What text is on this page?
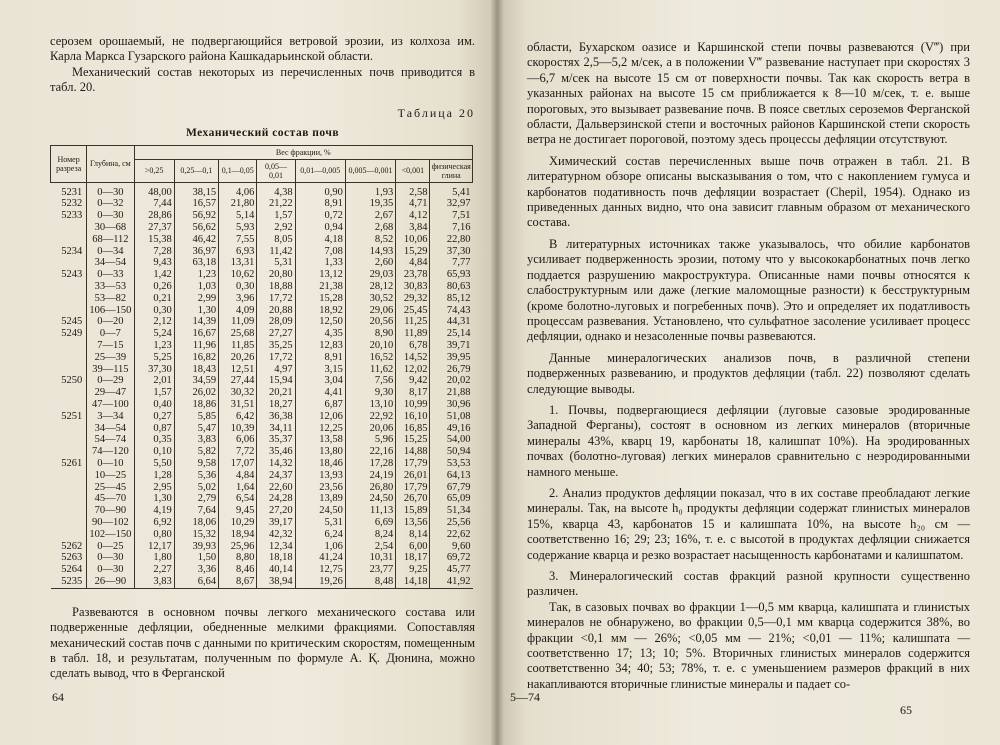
серозем орошаемый, не подвергающийся ветровой эрозии, из колхоза им. Карла Маркса Гузарского района Кашкадарьинской области.

Механический состав некоторых из перечисленных почв приводится в табл. 20.

Таблица 20
Механический состав почв
Номер разреза	Глубина, см	Вес фракции, %							
		>0,25	0,25—0,1	0,1—0,05	0,05—0,01	0,01—0,005	0,005—0,001	<0,001	физическая глина
5231	0—30	48,00	38,15	4,06	4,38	0,90	1,93	2,58	5,41
5232	0—32	7,44	16,57	21,80	21,22	8,91	19,35	4,71	32,97
5233	0—30	28,86	56,92	5,14	1,57	0,72	2,67	4,12	7,51
	30—68	27,37	56,62	5,93	2,92	0,94	2,68	3,84	7,16
	68—112	15,38	46,42	7,55	8,05	4,18	8,52	10,06	22,80
5234	0—34	7,28	36,97	6,93	11,42	7,08	14,93	15,29	37,30
	34—54	9,43	63,18	13,31	5,31	1,33	2,60	4,84	7,77
5243	0—33	1,42	1,23	10,62	20,80	13,12	29,03	23,78	65,93
	33—53	0,26	1,03	0,30	18,88	21,38	28,12	30,83	80,63
	53—82	0,21	2,99	3,96	17,72	15,28	30,52	29,32	85,12
	106—150	0,30	1,30	4,09	20,88	18,92	29,06	25,45	74,43
5245	0—20	2,12	14,39	11,09	28,09	12,50	20,56	11,25	44,31
5249	0—7	5,24	16,67	25,68	27,27	4,35	8,90	11,89	25,14
	7—15	1,23	11,96	11,85	35,25	12,83	20,10	6,78	39,71
	25—39	5,25	16,82	20,26	17,72	8,91	16,52	14,52	39,95
	39—115	37,30	18,43	12,51	4,97	3,15	11,62	12,02	26,79
5250	0—29	2,01	34,59	27,44	15,94	3,04	7,56	9,42	20,02
	29—47	1,57	26,02	30,32	20,21	4,41	9,30	8,17	21,88
	47—100	0,40	18,86	31,51	18,27	6,87	13,10	10,99	30,96
5251	3—34	0,27	5,85	6,42	36,38	12,06	22,92	16,10	51,08
	34—54	0,87	5,47	10,39	34,11	12,25	20,06	16,85	49,16
	54—74	0,35	3,83	6,06	35,37	13,58	5,96	15,25	54,00
	74—120	0,10	5,82	7,72	35,46	13,80	22,16	14,88	50,94
5261	0—10	5,50	9,58	17,07	14,32	18,46	17,28	17,79	53,53
	10—25	1,28	5,36	4,84	24,37	13,93	24,19	26,01	64,13
	25—45	2,95	5,02	1,64	22,60	23,56	26,80	17,79	67,79
	45—70	1,30	2,79	6,54	24,28	13,89	24,50	26,70	65,09
	70—90	4,19	7,64	9,45	27,20	24,50	11,13	15,89	51,34
	90—102	6,92	18,06	10,29	39,17	5,31	6,69	13,56	25,56
	102—150	0,80	15,32	18,94	42,32	6,24	8,24	8,14	22,62
5262	0—25	12,17	39,93	25,96	12,34	1,06	2,54	6,00	9,60
5263	0—30	1,80	1,50	8,80	18,18	41,24	10,31	18,17	69,72
5264	0—30	2,27	3,36	8,46	40,14	12,75	23,77	9,25	45,77
5235	26—90	3,83	6,64	8,67	38,94	19,26	8,48	14,18	41,92

Развеваются в основном почвы легкого механического состава или подверженные дефляции, обедненные мелкими фракциями. Сопоставляя механический состав почв с данными по критическим скоростям, помещенным в табл. 18, и результатам, полученным по формуле А. Қ. Дюнина, можно сделать вывод, что в Ферганской

64

области, Бухарском оазисе и Каршинской степи почвы развеваются (V‴) при скоростях 2,5—5,2 м/сек, а в положении V‴ развевание наступает при скоростях 3—6,7 м/сек на высоте 15 см от поверхности почвы. Так как скорость ветра в указанных районах на высоте 15 см приближается к 8—10 м/сек, т. е. выше пороговых, это вызывает развевание почв. В поясе светлых сероземов Ферганской области, Дальверзинской степи и восточных районов Каршинской степи скорость ветра не достигает пороговой, поэтому здесь процессы дефляции отсутствуют.

Химический состав перечисленных выше почв отражен в табл. 21. В литературном обзоре описаны высказывания о том, что с накоплением гумуса и карбонатов подативность почв дефляции возрастает (Chepil, 1954). Однако из приведенных данных видно, что она зависит главным образом от механического состава.

В литературных источниках также указывалось, что обилие карбонатов усиливает подверженность эрозии, потому что у высококарбонатных почв легко поддается разрушению макроструктура. Описанные нами почвы относятся к слабоструктурным или даже (легкие маломощные разности) к бесструктурным (кроме болотно-луговых и погребенных почв). Это и определяет их податливость процессам развевания. Установлено, что сульфатное засоление усиливает процесс дефляции, однако и незасоленные почвы развеваются.

Данные минералогических анализов почв, в различной степени подверженных развеванию, и продуктов дефляции (табл. 22) позволяют сделать следующие выводы.

1. Почвы, подвергающиеся дефляции (луговые сазовые эродированные Западной Ферганы), состоят в основном из легких минералов (вторичные минералы 43%, кварц 19, карбонаты 18, калишпат 10%). На эродированных почвах (болотно-луговая) легких минералов сравнительно с неэродированными намного меньше.

2. Анализ продуктов дефляции показал, что в их составе преобладают легкие минералы. Так, на высоте h₀ продукты дефляции содержат глинистых минералов 15%, кварца 43, карбонатов 15 и калишпата 10%, на высоте h₂₀ см — соответственно 16; 29; 23; 16%, т. е. с высотой в продуктах дефляции снижается содержание кварца и резко возрастает насыщенность карбонатами и калишпатом.

3. Минералогический состав фракций разной крупности существенно различен.

Так, в сазовых почвах во фракции 1—0,5 мм кварца, калишпата и глинистых минералов не обнаружено, во фракции 0,5—0,1 мм кварца содержится 38%, во фракции <0,1 мм — 26%; <0,05 мм — 21%; <0,01 — 11%; калишпата — соответственно 17; 13; 10; 5%. Вторичных глинистых минералов содержится соответственно 34; 40; 53; 78%, т. е. с уменьшением размеров фракций в них накапливаются вторичные глинистые минералы и падает со-

5—74
65
